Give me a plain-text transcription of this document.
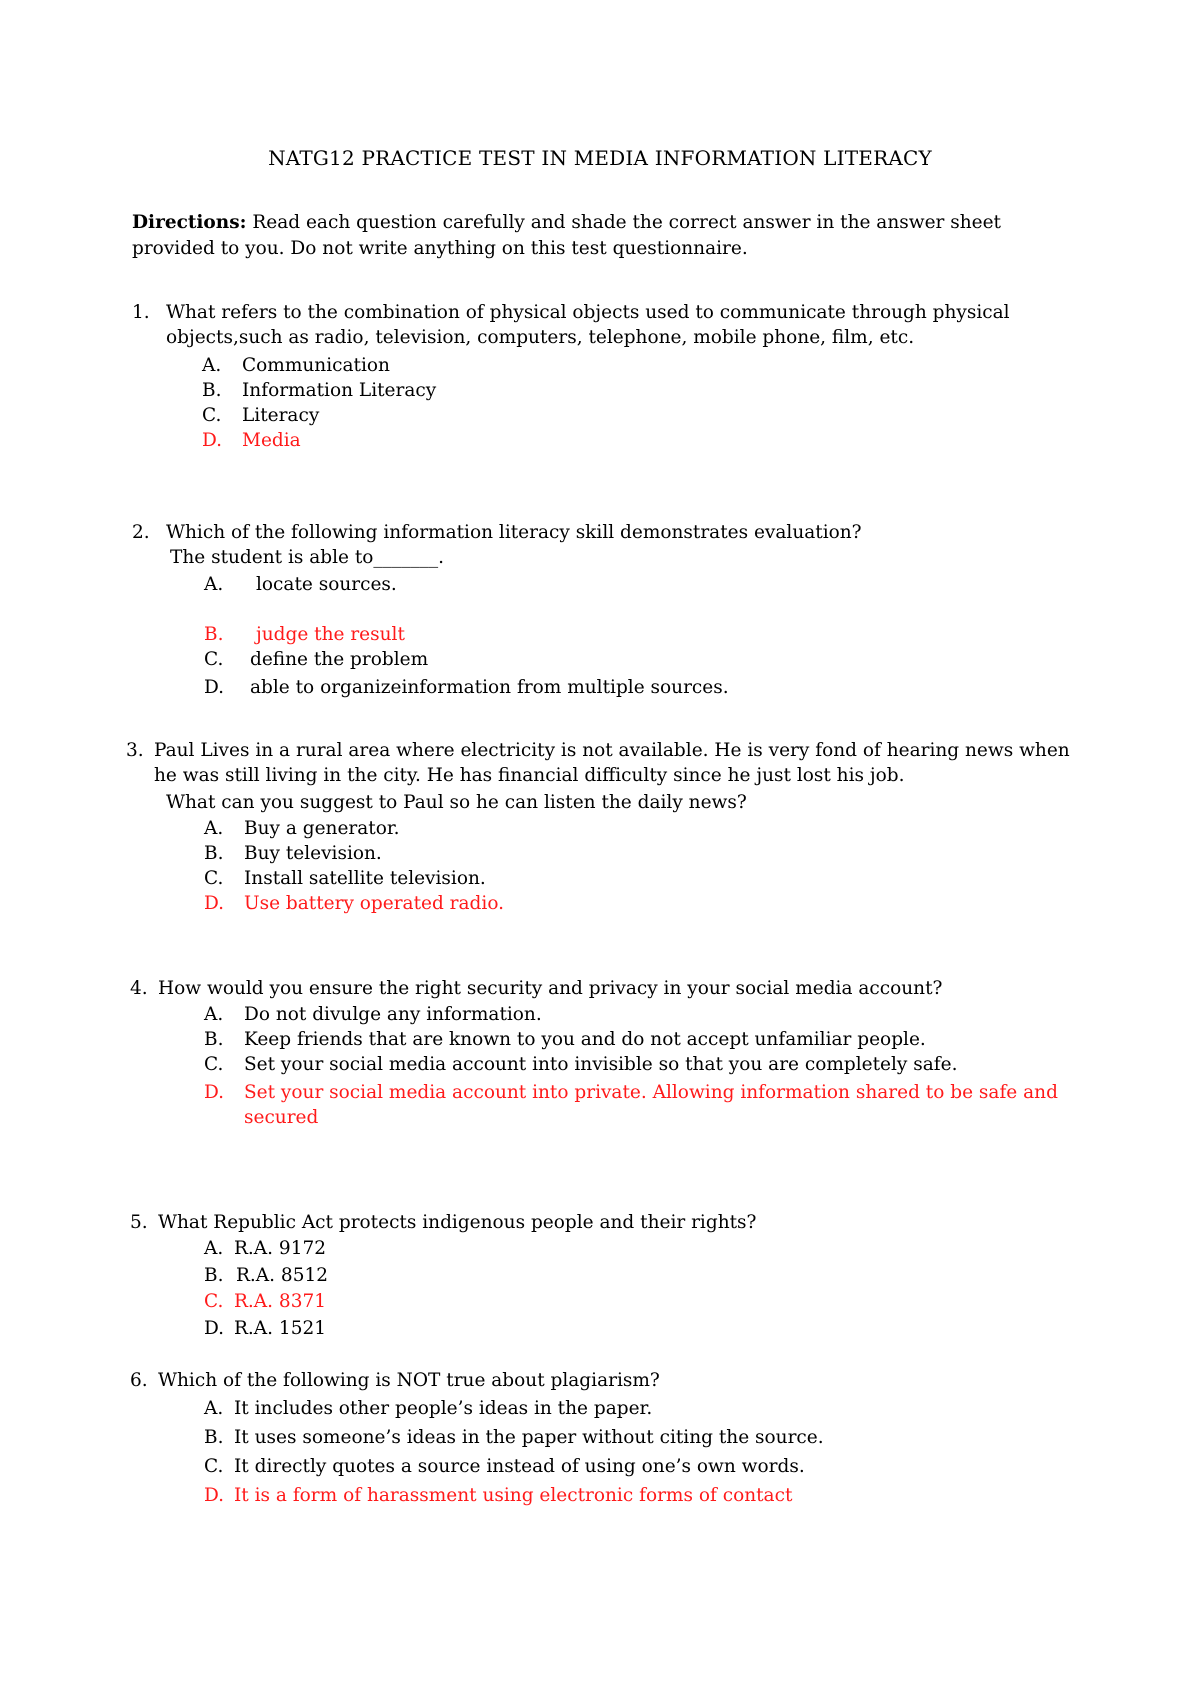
NATG12 PRACTICE TEST IN MEDIA INFORMATION LITERACY
Directions: Read each question carefully and shade the correct answer in the answer sheet provided to you. Do not write anything on this test questionnaire.
1. What refers to the combination of physical objects used to communicate through physical objects,such as radio, television, computers, telephone, mobile phone, film, etc.
A.	Communication
B.	Information Literacy
C.	Literacy
D.	Media
2. Which of the following information literacy skill demonstrates evaluation?
The student is able to_______.
A.	locate sources.
B.	judge the result
C.	define the problem
D.	able to organizeinformation from multiple sources.
3. Paul Lives in a rural area where electricity is not available. He is very fond of hearing news when he was still living in the city. He has financial difficulty since he just lost his job.
What can you suggest to Paul so he can listen the daily news?
A.	Buy a generator.
B.	Buy television.
C.	Install satellite television.
D.	Use battery operated radio.
4. How would you ensure the right security and privacy in your social media account?
A.	Do not divulge any information.
B.	Keep friends that are known to you and do not accept unfamiliar people.
C.	Set your social media account into invisible so that you are completely safe.
D.	Set your social media account into private. Allowing information shared to be safe and secured
5. What Republic Act protects indigenous people and their rights?
A. R.A. 9172
B. R.A. 8512
C. R.A. 8371
D. R.A. 1521
6. Which of the following is NOT true about plagiarism?
A. It includes other people’s ideas in the paper.
B. It uses someone’s ideas in the paper without citing the source.
C. It directly quotes a source instead of using one’s own words.
D. It is a form of harassment using electronic forms of contact
